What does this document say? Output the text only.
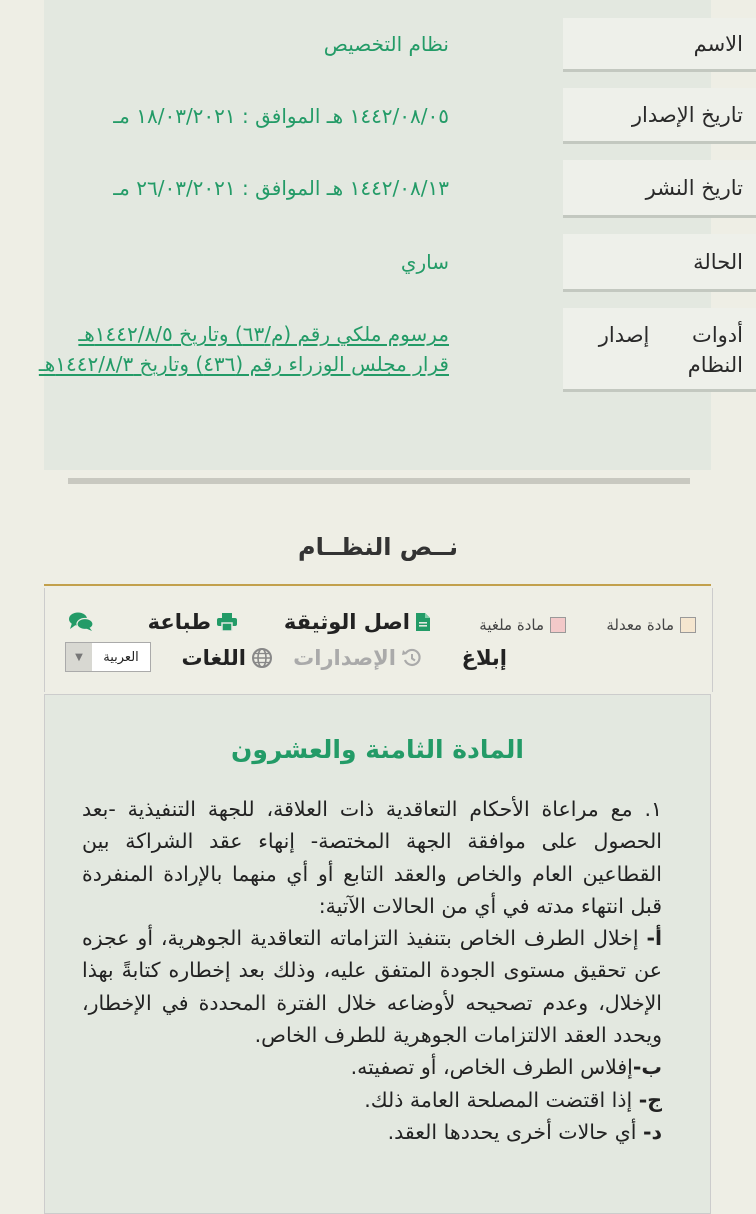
الاسم
نظام التخصيص
تاريخ الإصدار
١٤٤٢/٠٨/٠٥ هـ الموافق : ١٨/٠٣/٢٠٢١ مـ
تاريخ النشر
١٤٤٢/٠٨/١٣ هـ الموافق : ٢٦/٠٣/٢٠٢١ مـ
الحالة
ساري
أدوات إصدار
النظام
مرسوم ملكي رقم (م/٦٣) وتاريخ ١٤٤٢/٨/٥هـ
قرار مجلس الوزراء رقم (٤٣٦) وتاريخ ١٤٤٢/٨/٣هـ
نــص النظــام
مادة معدلة
مادة ملغية
اصل الوثيقة
طباعة
إبلاغ
الإصدارات
اللغات
العربية
▼
المادة الثامنة والعشرون

١. مع مراعاة الأحكام التعاقدية ذات العلاقة، للجهة التنفيذية -بعد الحصول على موافقة الجهة المختصة- إنهاء عقد الشراكة بين القطاعين العام والخاص والعقد التابع أو أي منهما بالإرادة المنفردة قبل انتهاء مدته في أي من الحالات الآتية:

أ- إخلال الطرف الخاص بتنفيذ التزاماته التعاقدية الجوهرية، أو عجزه عن تحقيق مستوى الجودة المتفق عليه، وذلك بعد إخطاره كتابةً بهذا الإخلال، وعدم تصحيحه لأوضاعه خلال الفترة المحددة في الإخطار، ويحدد العقد الالتزامات الجوهرية للطرف الخاص.

ب-إفلاس الطرف الخاص، أو تصفيته.

ج- إذا اقتضت المصلحة العامة ذلك.

د- أي حالات أخرى يحددها العقد.
